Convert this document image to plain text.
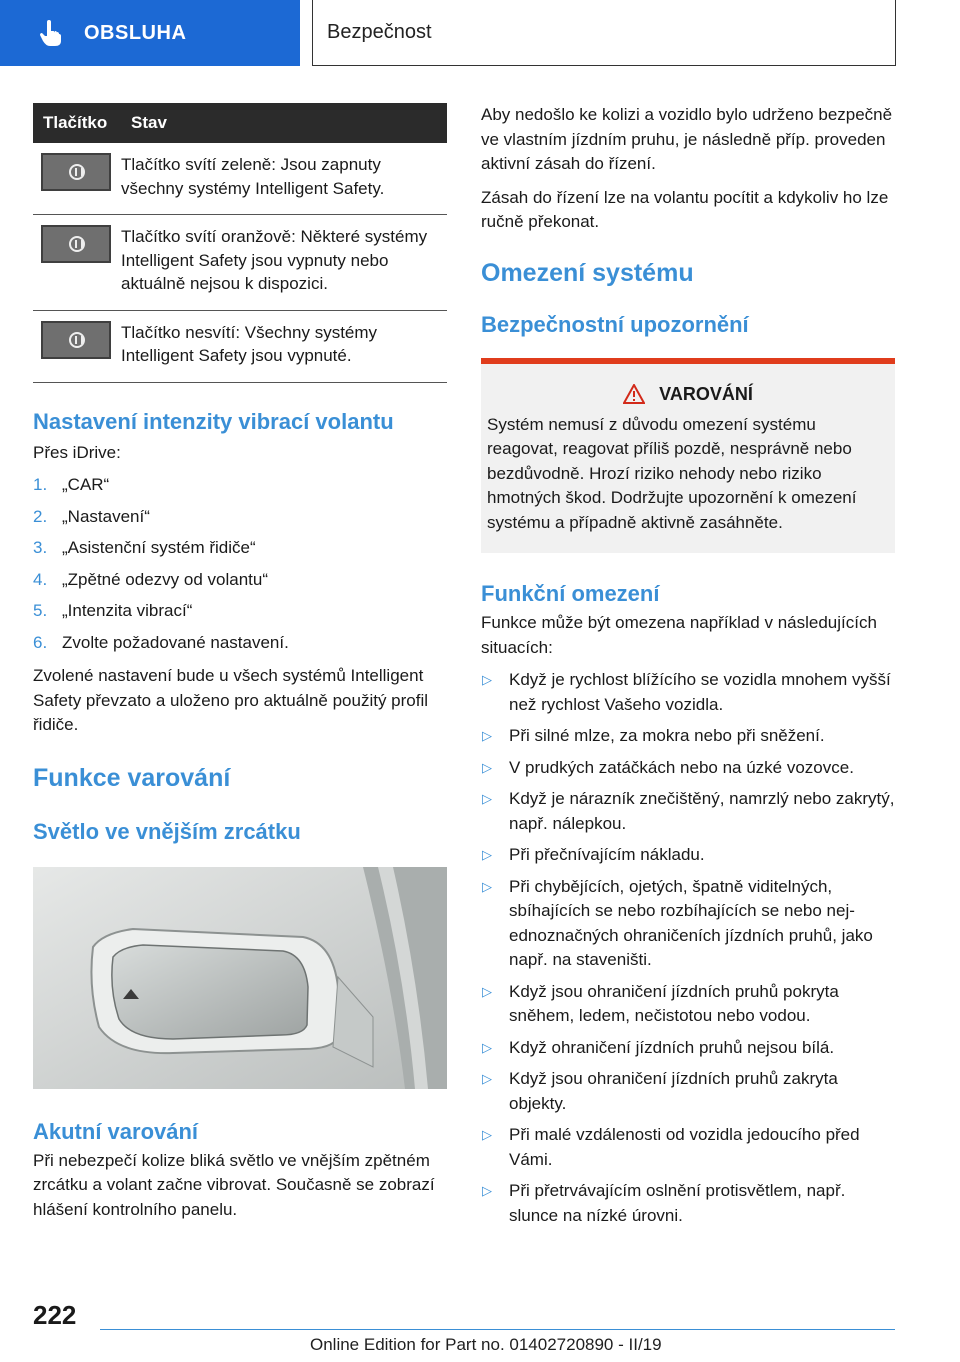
OBSLUHA	Bezpečnost
Tlačítko	Stav

	Tlačítko svítí zeleně: Jsou zapnuty všechny systémy Intelligent Safety.

	Tlačítko svítí oranžově: Některé systémy Intelligent Safety jsou vypnuty nebo aktuálně nejsou k dispozici.

	Tlačítko nesvítí: Všechny systémy Intelligent Safety jsou vypnuté.
Nastavení intenzity vibrací volantu

Přes iDrive:

1. „CAR“
2. „Nastavení“
3. „Asistenční systém řidiče“
4. „Zpětné odezvy od volantu“
5. „Intenzita vibrací“
6. Zvolte požadované nastavení.

Zvolené nastavení bude u všech systémů Intelligent Safety převzato a uloženo pro aktuálně použitý profil řidiče.

Funkce varování
Světlo ve vnějším zrcátku
Akutní varování

Při nebezpečí kolize bliká světlo ve vnějším zpětném zrcátku a volant začne vibrovat. Současně se zobrazí hlášení kontrolního panelu.

Aby nedošlo ke kolizi a vozidlo bylo udrženo bezpečně ve vlastním jízdním pruhu, je následně příp. proveden aktivní zásah do řízení.

Zásah do řízení lze na volantu pocítit a kdykoliv ho lze ručně překonat.

Omezení systému
Bezpečnostní upozornění
VAROVÁNÍ

Systém nemusí z důvodu omezení systému reagovat, reagovat příliš pozdě, nesprávně nebo bezdůvodně. Hrozí riziko nehody nebo riziko hmotných škod. Dodržujte upozornění k omezení systému a případně aktivně zasáhněte.

Funkční omezení

Funkce může být omezena například v následujících situacích:

▷ Když je rychlost blížícího se vozidla mnohem vyšší než rychlost Vašeho vozidla.
▷ Při silné mlze, za mokra nebo při sněžení.
▷ V prudkých zatáčkách nebo na úzké vozovce.
▷ Když je nárazník znečištěný, namrzlý nebo zakrytý, např. nálepkou.
▷ Při přečnívajícím nákladu.
▷ Při chybějících, ojetých, špatně viditelných, sbíhajících se nebo rozbíhajících se nebo nejednoznačných ohraničeních jízdních pruhů, jako např. na staveništi.
▷ Když jsou ohraničení jízdních pruhů pokryta sněhem, ledem, nečistotou nebo vodou.
▷ Když ohraničení jízdních pruhů nejsou bílá.
▷ Když jsou ohraničení jízdních pruhů zakryta objekty.
▷ Při malé vzdálenosti od vozidla jedoucího před Vámi.
▷ Při přetrvávajícím oslnění protisvětlem, např. slunce na nízké úrovni.
222
Online Edition for Part no. 01402720890 - II/19
